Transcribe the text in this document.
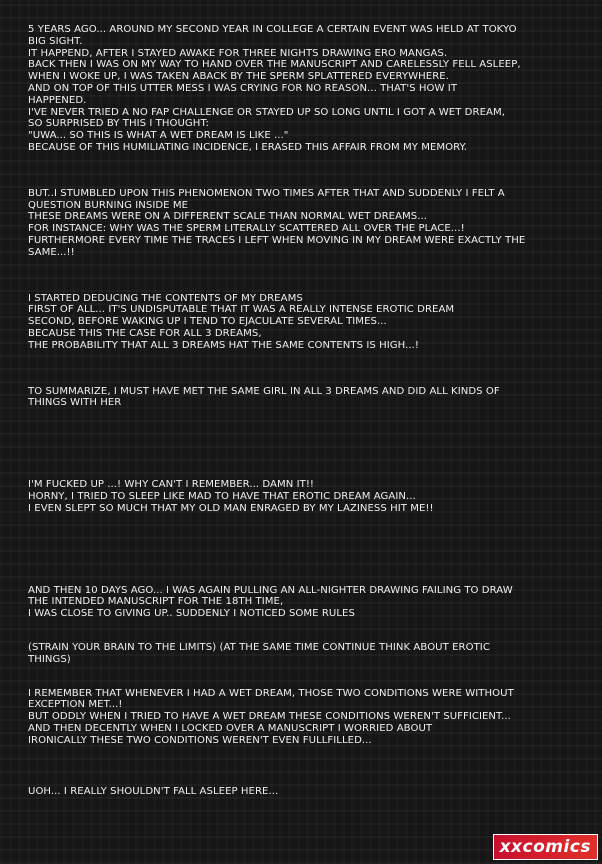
5 YEARS AGO... AROUND MY SECOND YEAR IN COLLEGE A CERTAIN EVENT WAS HELD AT TOKYO
BIG SIGHT.
IT HAPPEND, AFTER I STAYED AWAKE FOR THREE NIGHTS DRAWING ERO MANGAS.
BACK THEN I WAS ON MY WAY TO HAND OVER THE MANUSCRIPT AND CARELESSLY FELL ASLEEP,
WHEN I WOKE UP, I WAS TAKEN ABACK BY THE SPERM SPLATTERED EVERYWHERE.
AND ON TOP OF THIS UTTER MESS I WAS CRYING FOR NO REASON... THAT'S HOW IT
HAPPENED.
I'VE NEVER TRIED A NO FAP CHALLENGE OR STAYED UP SO LONG UNTIL I GOT A WET DREAM,
SO SURPRISED BY THIS I THOUGHT:
"UWA... SO THIS IS WHAT A WET DREAM IS LIKE ..."
BECAUSE OF THIS HUMILIATING INCIDENCE, I ERASED THIS AFFAIR FROM MY MEMORY.
BUT..I STUMBLED UPON THIS PHENOMENON TWO TIMES AFTER THAT AND SUDDENLY I FELT A
QUESTION BURNING INSIDE ME
THESE DREAMS WERE ON A DIFFERENT SCALE THAN NORMAL WET DREAMS...
FOR INSTANCE: WHY WAS THE SPERM LITERALLY SCATTERED ALL OVER THE PLACE...!
FURTHERMORE EVERY TIME THE TRACES I LEFT WHEN MOVING IN MY DREAM WERE EXACTLY THE
SAME...!!
I STARTED DEDUCING THE CONTENTS OF MY DREAMS
FIRST OF ALL... IT'S UNDISPUTABLE THAT IT WAS A REALLY INTENSE EROTIC DREAM
SECOND, BEFORE WAKING UP I TEND TO EJACULATE SEVERAL TIMES...
BECAUSE THIS THE CASE FOR ALL 3 DREAMS,
THE PROBABILITY THAT ALL 3 DREAMS HAT THE SAME CONTENTS IS HIGH...!
TO SUMMARIZE, I MUST HAVE MET THE SAME GIRL IN ALL 3 DREAMS AND DID ALL KINDS OF
THINGS WITH HER
I'M FUCKED UP ...! WHY CAN'T I REMEMBER... DAMN IT!!
HORNY, I TRIED TO SLEEP LIKE MAD TO HAVE THAT EROTIC DREAM AGAIN...
I EVEN SLEPT SO MUCH THAT MY OLD MAN ENRAGED BY MY LAZINESS HIT ME!!
AND THEN 10 DAYS AGO... I WAS AGAIN PULLING AN ALL-NIGHTER DRAWING FAILING TO DRAW
THE INTENDED MANUSCRIPT FOR THE 18TH TIME,
I WAS CLOSE TO GIVING UP.. SUDDENLY I NOTICED SOME RULES
(STRAIN YOUR BRAIN TO THE LIMITS) (AT THE SAME TIME CONTINUE THINK ABOUT EROTIC
THINGS)
I REMEMBER THAT WHENEVER I HAD A WET DREAM, THOSE TWO CONDITIONS WERE WITHOUT
EXCEPTION MET...!
BUT ODDLY WHEN I TRIED TO HAVE A WET DREAM THESE CONDITIONS WEREN'T SUFFICIENT...
AND THEN DECENTLY WHEN I LOCKED OVER A MANUSCRIPT I WORRIED ABOUT
IRONICALLY THESE TWO CONDITIONS WEREN'T EVEN FULLFILLED...
UOH... I REALLY SHOULDN'T FALL ASLEEP HERE...
xxcomics
